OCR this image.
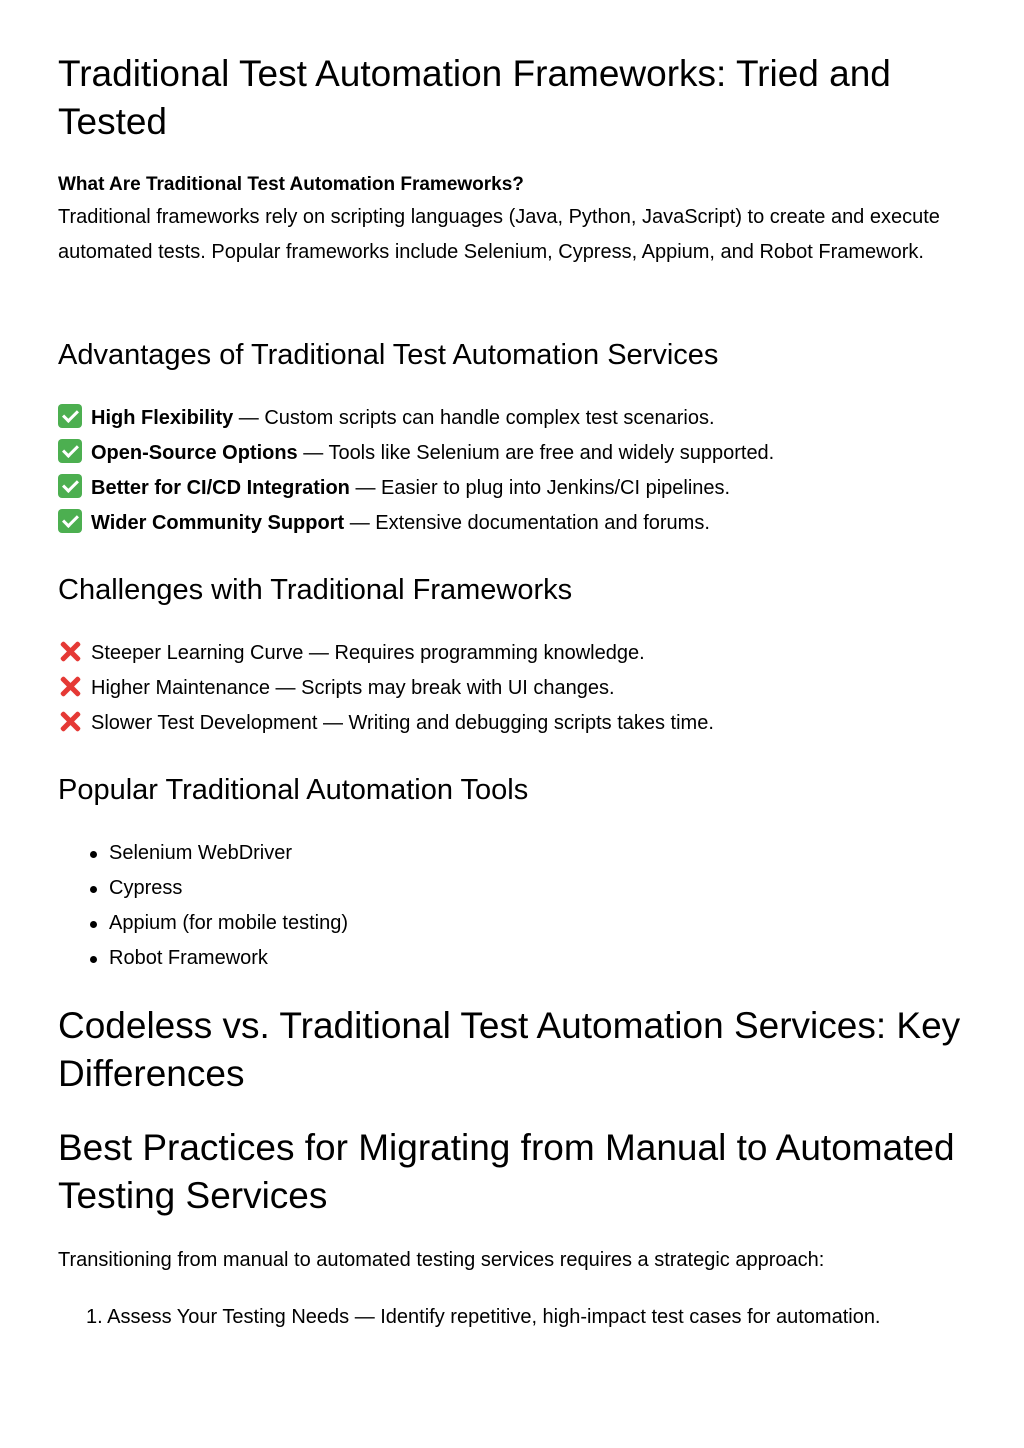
Traditional Test Automation Frameworks: Tried and Tested

What Are Traditional Test Automation Frameworks?
Traditional frameworks rely on scripting languages (Java, Python, JavaScript) to create and execute automated tests. Popular frameworks include Selenium, Cypress, Appium, and Robot Framework.

Advantages of Traditional Test Automation Services
High Flexibility — Custom scripts can handle complex test scenarios.
Open-Source Options — Tools like Selenium are free and widely supported.
Better for CI/CD Integration — Easier to plug into Jenkins/CI pipelines.
Wider Community Support — Extensive documentation and forums.
Challenges with Traditional Frameworks
Steeper Learning Curve — Requires programming knowledge.
Higher Maintenance — Scripts may break with UI changes.
Slower Test Development — Writing and debugging scripts takes time.
Popular Traditional Automation Tools
Selenium WebDriver
Cypress
Appium (for mobile testing)
Robot Framework
Codeless vs. Traditional Test Automation Services: Key Differences
Best Practices for Migrating from Manual to Automated Testing Services

Transitioning from manual to automated testing services requires a strategic approach:

1. Assess Your Testing Needs — Identify repetitive, high-impact test cases for automation.
